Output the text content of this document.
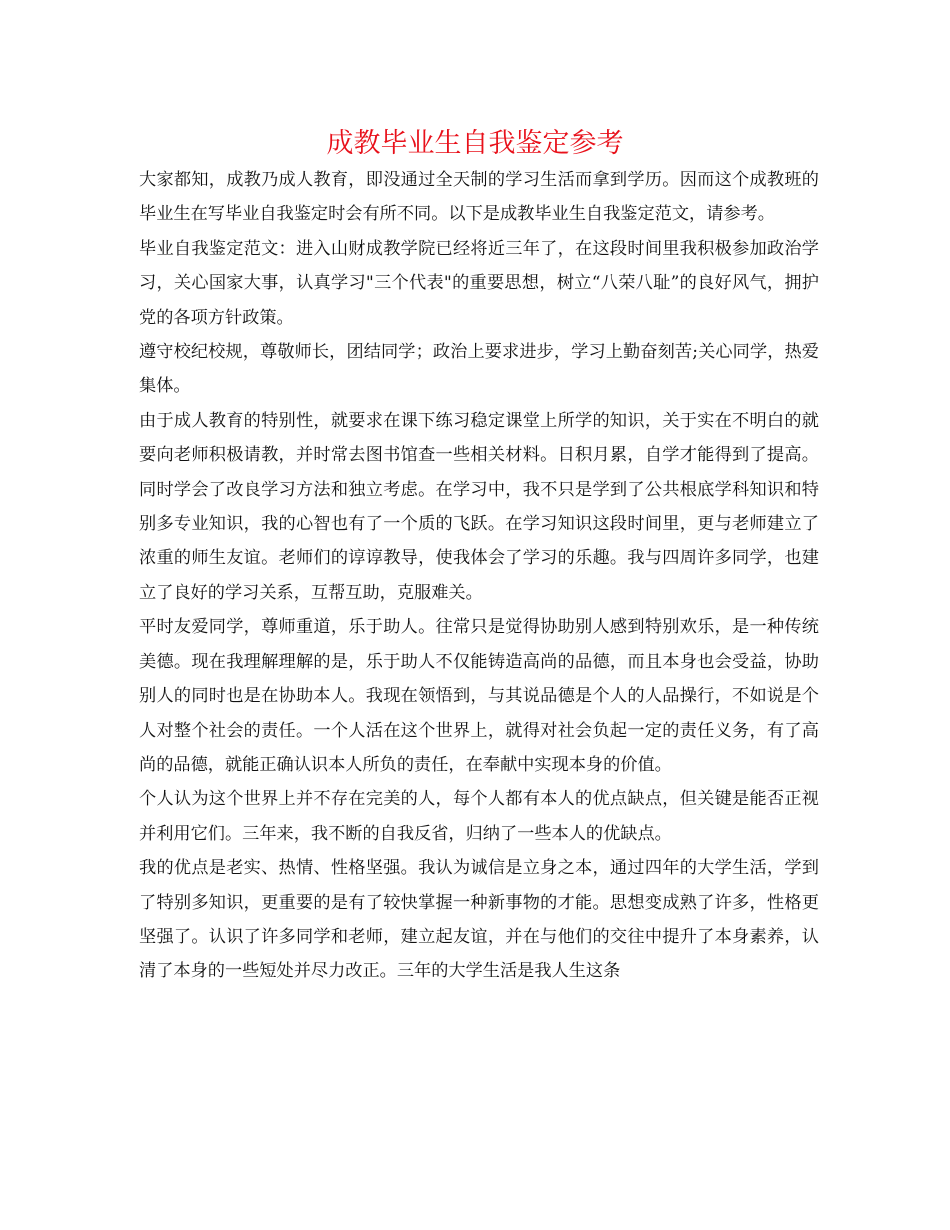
成教毕业生自我鉴定参考

大家都知，成教乃成人教育，即没通过全天制的学习生活而拿到学历。因而这个成教班的毕业生在写毕业自我鉴定时会有所不同。以下是成教毕业生自我鉴定范文，请参考。

毕业自我鉴定范文：进入山财成教学院已经将近三年了，在这段时间里我积极参加政治学习，关心国家大事，认真学习"三个代表"的重要思想，树立“八荣八耻”的良好风气，拥护党的各项方针政策。

遵守校纪校规，尊敬师长，团结同学；政治上要求进步，学习上勤奋刻苦;关心同学，热爱集体。

由于成人教育的特别性，就要求在课下练习稳定课堂上所学的知识，关于实在不明白的就要向老师积极请教，并时常去图书馆查一些相关材料。日积月累，自学才能得到了提高。同时学会了改良学习方法和独立考虑。在学习中，我不只是学到了公共根底学科知识和特别多专业知识，我的心智也有了一个质的飞跃。在学习知识这段时间里，更与老师建立了浓重的师生友谊。老师们的谆谆教导，使我体会了学习的乐趣。我与四周许多同学，也建立了良好的学习关系，互帮互助，克服难关。

平时友爱同学，尊师重道，乐于助人。往常只是觉得协助别人感到特别欢乐，是一种传统美德。现在我理解理解的是，乐于助人不仅能铸造高尚的品德，而且本身也会受益，协助别人的同时也是在协助本人。我现在领悟到，与其说品德是个人的人品操行，不如说是个人对整个社会的责任。一个人活在这个世界上，就得对社会负起一定的责任义务，有了高尚的品德，就能正确认识本人所负的责任，在奉献中实现本身的价值。

个人认为这个世界上并不存在完美的人，每个人都有本人的优点缺点，但关键是能否正视并利用它们。三年来，我不断的自我反省，归纳了一些本人的优缺点。

我的优点是老实、热情、性格坚强。我认为诚信是立身之本，通过四年的大学生活，学到了特别多知识，更重要的是有了较快掌握一种新事物的才能。思想变成熟了许多，性格更坚强了。认识了许多同学和老师，建立起友谊，并在与他们的交往中提升了本身素养，认清了本身的一些短处并尽力改正。三年的大学生活是我人生这条
